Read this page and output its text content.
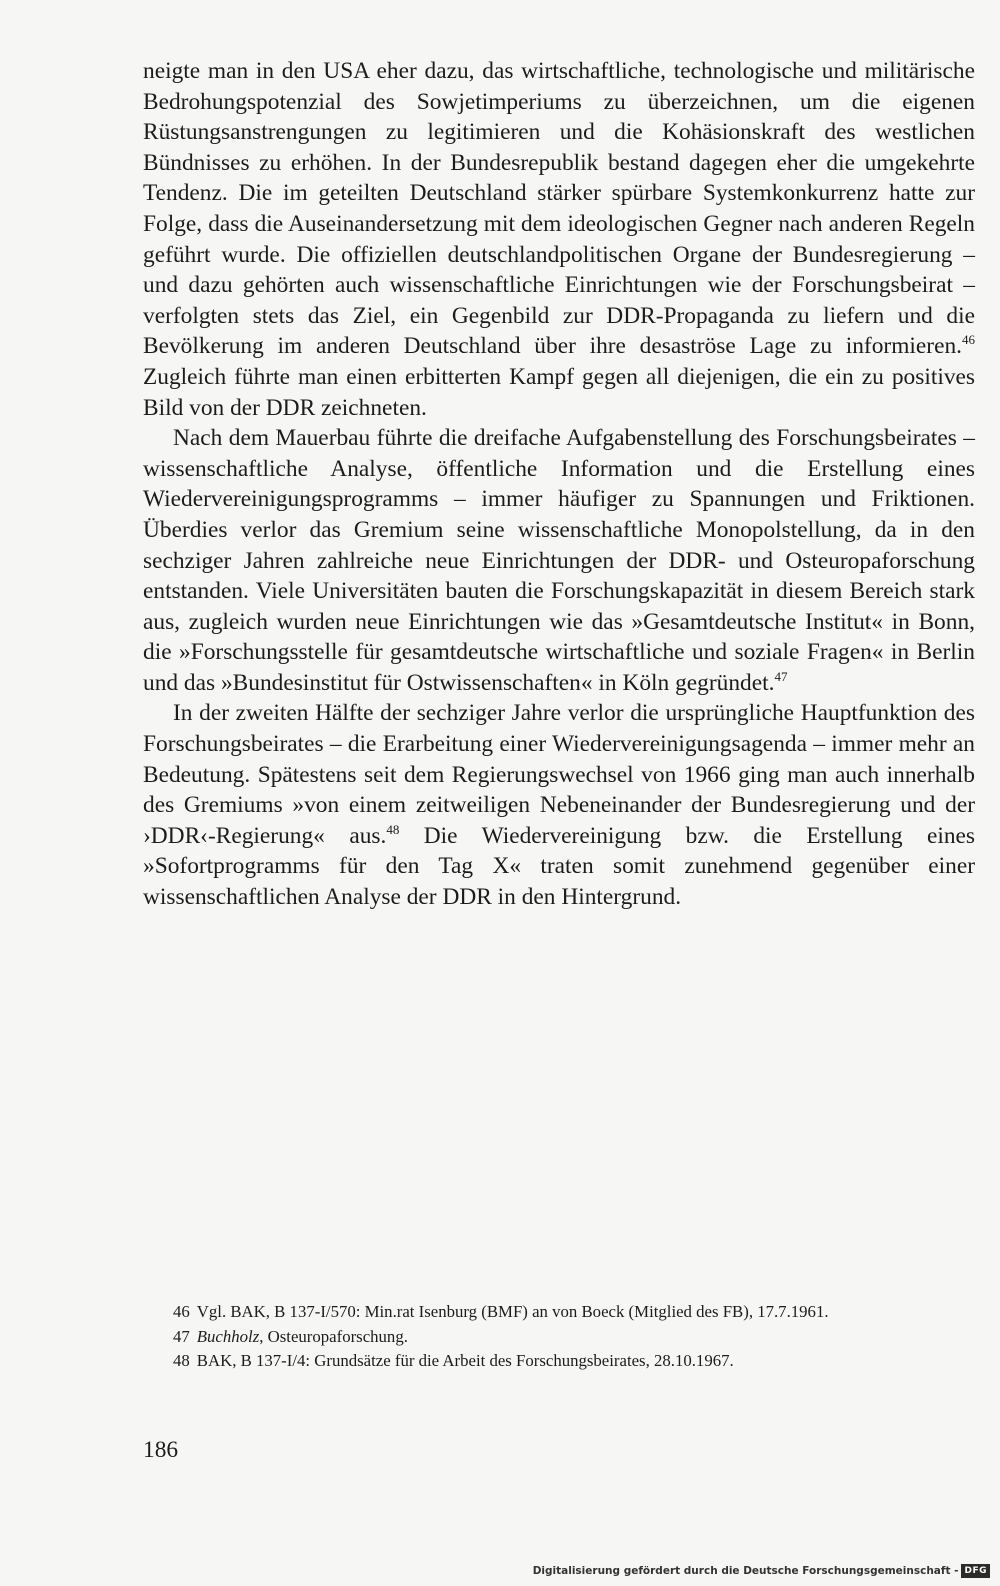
neigte man in den USA eher dazu, das wirtschaftliche, technologische und militärische Bedrohungspotenzial des Sowjetimperiums zu überzeichnen, um die eigenen Rüstungsanstrengungen zu legitimieren und die Kohäsionskraft des westlichen Bündnisses zu erhöhen. In der Bundesrepublik bestand dagegen eher die umgekehrte Tendenz. Die im geteilten Deutschland stärker spürbare Systemkonkurrenz hatte zur Folge, dass die Auseinandersetzung mit dem ideologischen Gegner nach anderen Regeln geführt wurde. Die offiziellen deutschlandpolitischen Organe der Bundesregierung – und dazu gehörten auch wissenschaftliche Einrichtungen wie der Forschungsbeirat – verfolgten stets das Ziel, ein Gegenbild zur DDR-Propaganda zu liefern und die Bevölkerung im anderen Deutschland über ihre desaströse Lage zu informieren.$^{46}$ Zugleich führte man einen erbitterten Kampf gegen all diejenigen, die ein zu positives Bild von der DDR zeichneten.

Nach dem Mauerbau führte die dreifache Aufgabenstellung des Forschungsbeirates – wissenschaftliche Analyse, öffentliche Information und die Erstellung eines Wiedervereinigungsprogramms – immer häufiger zu Spannungen und Friktionen. Überdies verlor das Gremium seine wissenschaftliche Monopolstellung, da in den sechziger Jahren zahlreiche neue Einrichtungen der DDR- und Osteuropaforschung entstanden. Viele Universitäten bauten die Forschungskapazität in diesem Bereich stark aus, zugleich wurden neue Einrichtungen wie das »Gesamtdeutsche Institut« in Bonn, die »Forschungsstelle für gesamtdeutsche wirtschaftliche und soziale Fragen« in Berlin und das »Bundesinstitut für Ostwissenschaften« in Köln gegründet.$^{47}$

In der zweiten Hälfte der sechziger Jahre verlor die ursprüngliche Hauptfunktion des Forschungsbeirates – die Erarbeitung einer Wiedervereinigungsagenda – immer mehr an Bedeutung. Spätestens seit dem Regierungswechsel von 1966 ging man auch innerhalb des Gremiums »von einem zeitweiligen Nebeneinander der Bundesregierung und der ›DDR‹-Regierung« aus.$^{48}$ Die Wiedervereinigung bzw. die Erstellung eines »Sofortprogramms für den Tag X« traten somit zunehmend gegenüber einer wissenschaftlichen Analyse der DDR in den Hintergrund.

46 Vgl. BAK, B 137-I/570: Min.rat Isenburg (BMF) an von Boeck (Mitglied des FB), 17.7.1961.

47 Buchholz, Osteuropaforschung.

48 BAK, B 137-I/4: Grundsätze für die Arbeit des Forschungsbeirates, 28.10.1967.

186
Digitalisierung gefördert durch die Deutsche Forschungsgemeinschaft - DFG
